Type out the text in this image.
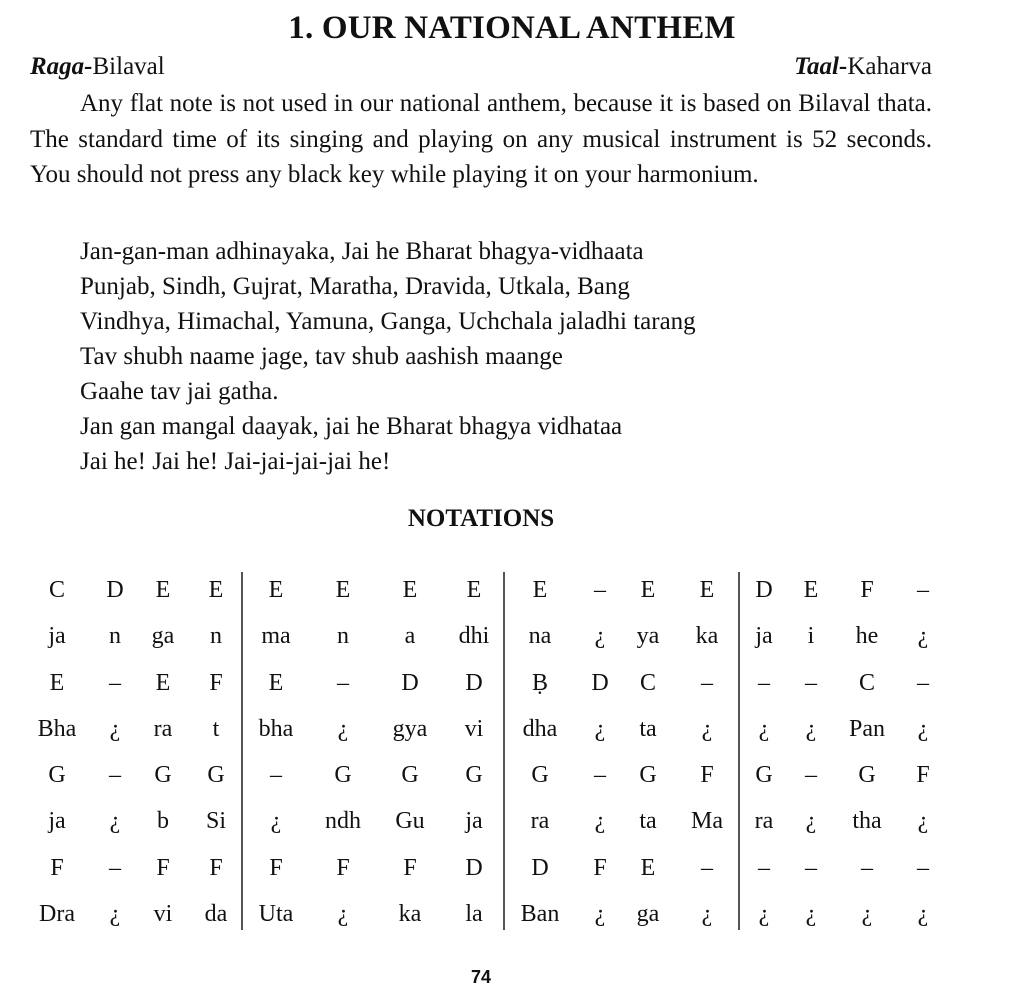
1. OUR NATIONAL ANTHEM
Raga-Bilaval	Taal-Kaharva

Any flat note is not used in our national anthem, because it is based on Bilaval thata. The standard time of its singing and playing on any musical instrument is 52 seconds. You should not press any black key while playing it on your harmonium.

Jan-gan-man adhinayaka, Jai he Bharat bhagya-vidhaata
Punjab, Sindh, Gujrat, Maratha, Dravida, Utkala, Bang
Vindhya, Himachal, Yamuna, Ganga, Uchchala jaladhi tarang
Tav shubh naame jage, tav shub aashish maange
Gaahe tav jai gatha.
Jan gan mangal daayak, jai he Bharat bhagya vidhataa
Jai he! Jai he! Jai-jai-jai-jai he!
NOTATIONS
C	D	E	E	E	E	E	E	E	–	E	E	D	E	F	–
ja	n	ga	n	ma	n	a	dhi	na	¿	ya	ka	ja	i	he	¿
E	–	E	F	E	–	D	D	Ḅ	D	C	–	–	–	C	–
Bha	¿	ra	t	bha	¿	gya	vi	dha	¿	ta	¿	¿	¿	Pan	¿
G	–	G	G	–	G	G	G	G	–	G	F	G	–	G	F
ja	¿	b	Si	¿	ndh	Gu	ja	ra	¿	ta	Ma	ra	¿	tha	¿
F	–	F	F	F	F	F	D	D	F	E	–	–	–	–	–
Dra	¿	vi	da	Uta	¿	ka	la	Ban	¿	ga	¿	¿	¿	¿	¿
74
